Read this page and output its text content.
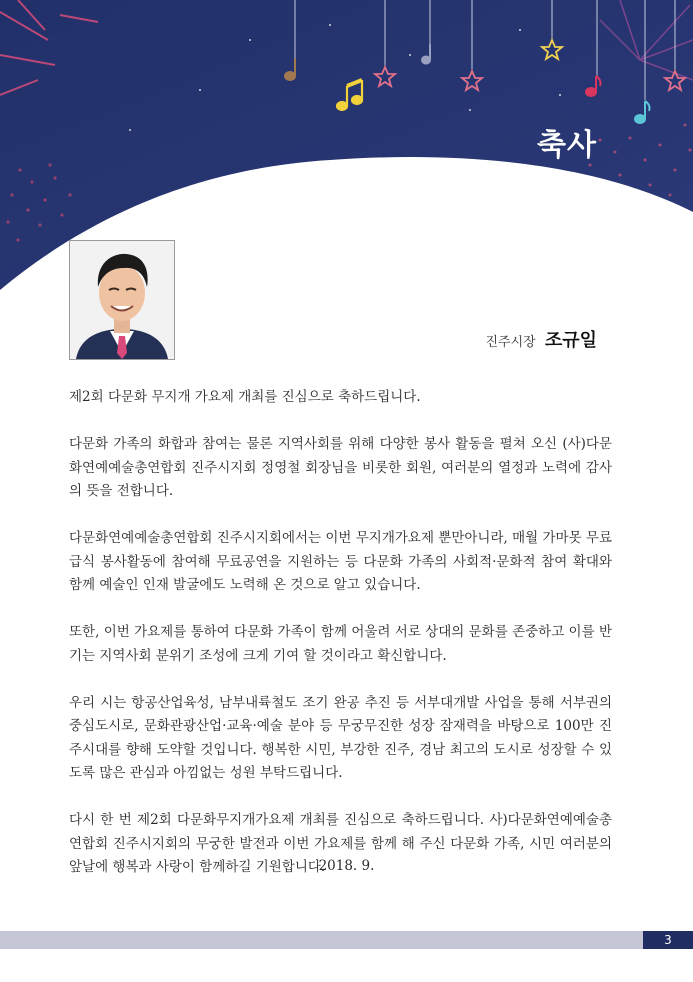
축사
진주시장 조규일

제2회 다문화 무지개 가요제 개최를 진심으로 축하드립니다.

다문화 가족의 화합과 참여는 물론 지역사회를 위해 다양한 봉사 활동을 펼쳐 오신 (사)다문화연예예술총연합회 진주시지회 정영철 회장님을 비롯한 회원, 여러분의 열정과 노력에 감사의 뜻을 전합니다.

다문화연예예술총연합회 진주시지회에서는 이번 무지개가요제 뿐만아니라, 매월 가마못 무료급식 봉사활동에 참여해 무료공연을 지원하는 등 다문화 가족의 사회적·문화적 참여 확대와 함께 예술인 인재 발굴에도 노력해 온 것으로 알고 있습니다.

또한, 이번 가요제를 통하여 다문화 가족이 함께 어울려 서로 상대의 문화를 존중하고 이를 반기는 지역사회 분위기 조성에 크게 기여 할 것이라고 확신합니다.

우리 시는 항공산업육성, 남부내륙철도 조기 완공 추진 등 서부대개발 사업을 통해 서부권의 중심도시로, 문화관광산업·교육·예술 분야 등 무궁무진한 성장 잠재력을 바탕으로 100만 진주시대를 향해 도약할 것입니다. 행복한 시민, 부강한 진주, 경남 최고의 도시로 성장할 수 있도록 많은 관심과 아낌없는 성원 부탁드립니다.

다시 한 번 제2회 다문화무지개가요제 개최를 진심으로 축하드립니다. 사)다문화연예예술총연합회 진주시지회의 무궁한 발전과 이번 가요제를 함께 해 주신 다문화 가족, 시민 여러분의 앞날에 행복과 사랑이 함께하길 기원합니다.

2018. 9.
3
